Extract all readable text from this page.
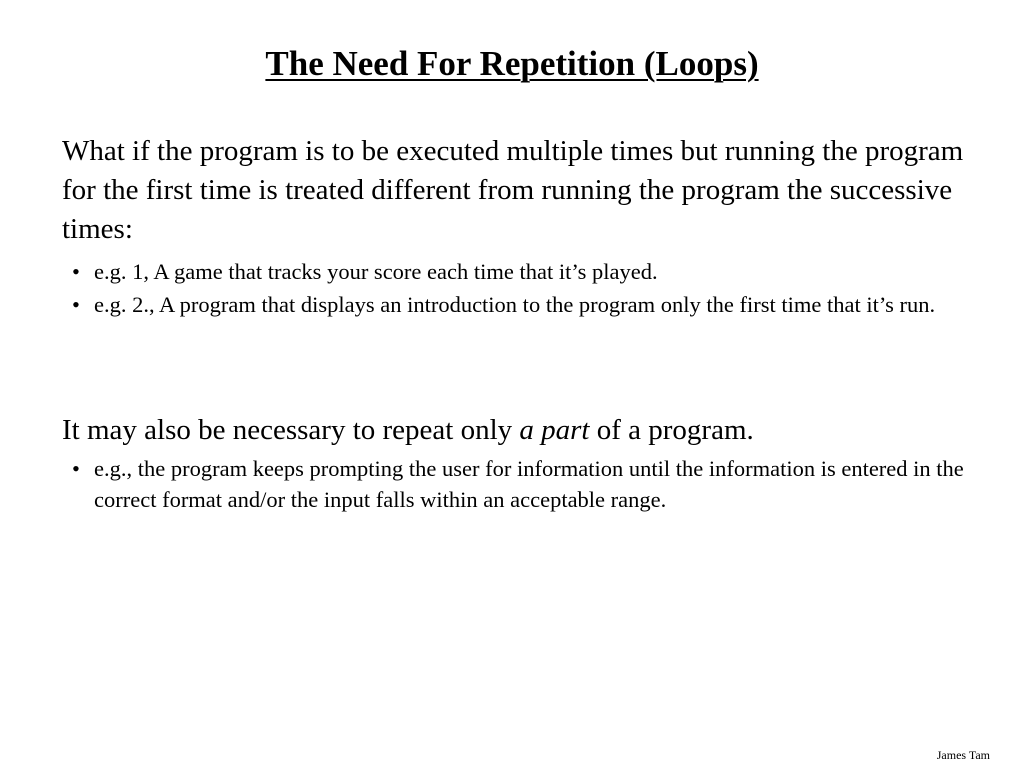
The Need For Repetition (Loops)

What if the program is to be executed multiple times but running the program for the first time is treated different from running the program the successive times:

• e.g. 1, A game that tracks your score each time that it’s played.
• e.g. 2., A program that displays an introduction to the program only the first time that it’s run.

It may also be necessary to repeat only a part of a program.

• e.g., the program keeps prompting the user for information until the information is entered in the correct format and/or the input falls within an acceptable range.
James Tam
